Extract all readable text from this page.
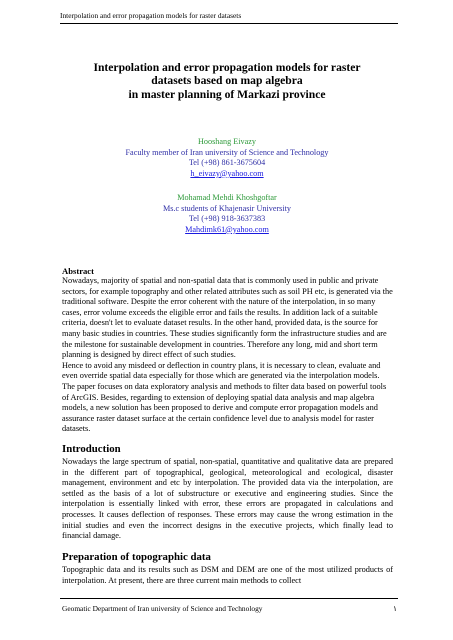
Interpolation and error propagation models for raster datasets
Interpolation and error propagation models for raster
datasets based on map algebra
in master planning of Markazi province
Hooshang Eivazy
Faculty member of Iran university of Science and Technology
Tel (+98) 861-3675604
h_eivazy@yahoo.com
Mohamad Mehdi Khoshgoftar
Ms.c students of Khajenasir University
Tel (+98) 918-3637383
Mahdimk61@yahoo.com
Abstract

Nowadays, majority of spatial and non-spatial data that is commonly used in public and private sectors, for example topography and other related attributes such as soil PH etc, is generated via the traditional software. Despite the error coherent with the nature of the interpolation, in so many cases, error volume exceeds the eligible error and fails the results. In addition lack of a suitable criteria, doesn't let to evaluate dataset results. In the other hand, provided data, is the source for many basic studies in countries. These studies significantly form the infrastructure studies and are the milestone for sustainable development in countries. Therefore any long, mid and short term planning is designed by direct effect of such studies.

Hence to avoid any misdeed or deflection in country plans, it is necessary to clean, evaluate and even override spatial data especially for those which are generated via the interpolation models.

The paper focuses on data exploratory analysis and methods to filter data based on powerful tools of ArcGIS. Besides, regarding to extension of deploying spatial data analysis and map algebra models, a new solution has been proposed to derive and compute error propagation models and assurance raster dataset surface at the certain confidence level due to analysis model for raster datasets.

Introduction

Nowadays the large spectrum of spatial, non-spatial, quantitative and qualitative data are prepared in the different part of topographical, geological, meteorological and ecological, disaster management, environment and etc by interpolation. The provided data via the interpolation, are settled as the basis of a lot of substructure or executive and engineering studies. Since the interpolation is essentially linked with error, these errors are propagated in calculations and processes. It causes deflection of responses. These errors may cause the wrong estimation in the initial studies and even the incorrect designs in the executive projects, which finally lead to financial damage.

Preparation of topographic data

Topographic data and its results such as DSM and DEM are one of the most utilized products of interpolation. At present, there are three current main methods to collect

Geomatic Department of Iran university of Science and Technology	۱
